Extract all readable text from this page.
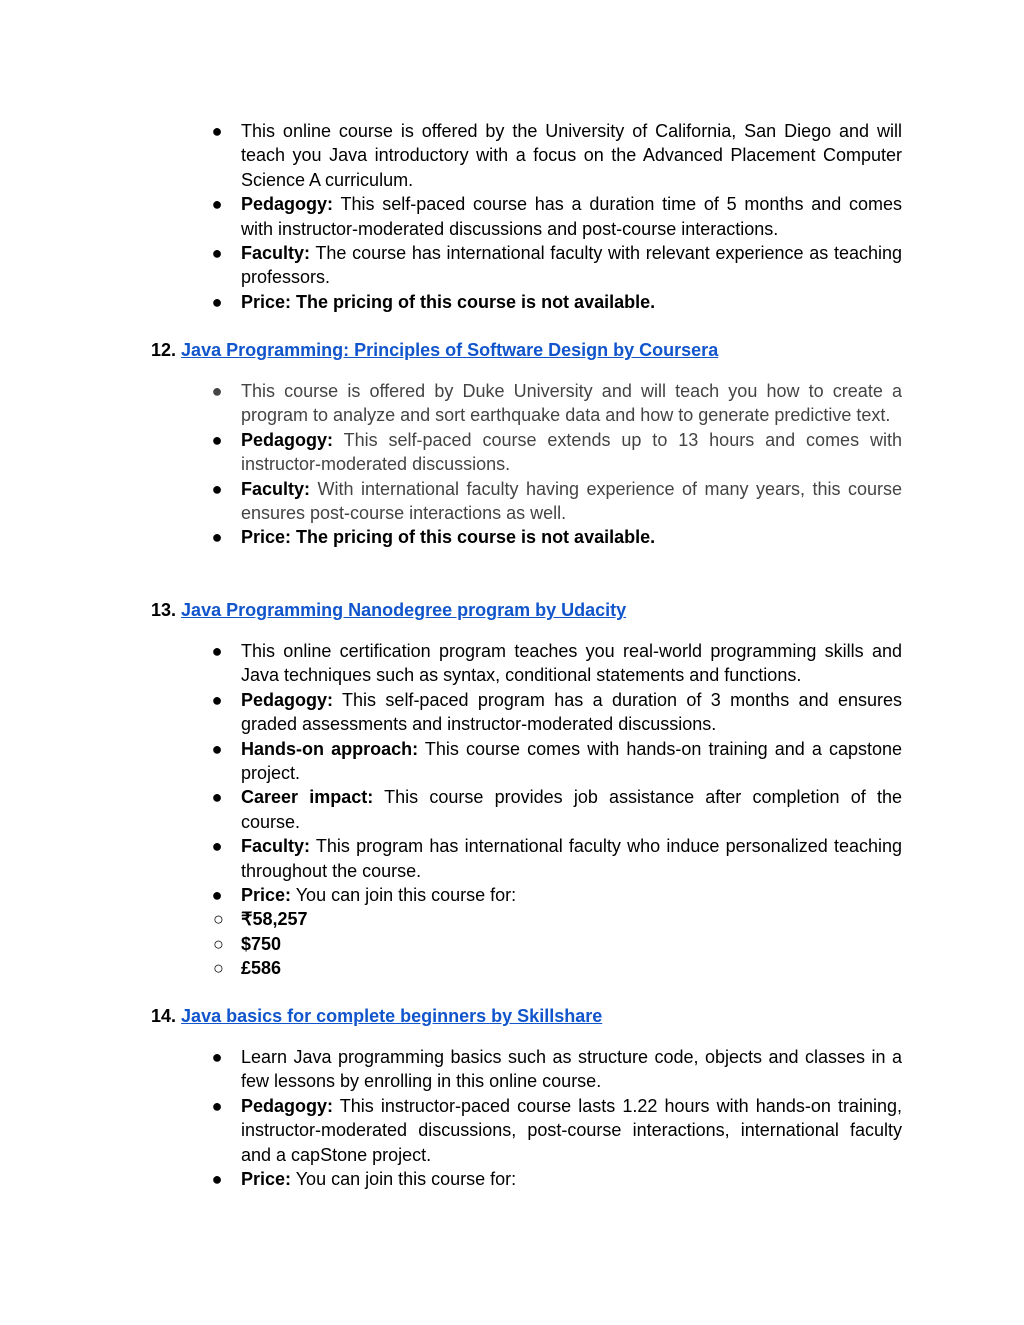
● This online course is offered by the University of California, San Diego and will teach you Java introductory with a focus on the Advanced Placement Computer Science A curriculum.
● Pedagogy: This self-paced course has a duration time of 5 months and comes with instructor-moderated discussions and post-course interactions.
● Faculty: The course has international faculty with relevant experience as teaching professors.
● Price: The pricing of this course is not available.
12. Java Programming: Principles of Software Design by Coursera
● This course is offered by Duke University and will teach you how to create a program to analyze and sort earthquake data and how to generate predictive text.
● Pedagogy: This self-paced course extends up to 13 hours and comes with instructor-moderated discussions.
● Faculty: With international faculty having experience of many years, this course ensures post-course interactions as well.
● Price: The pricing of this course is not available.
13. Java Programming Nanodegree program by Udacity
● This online certification program teaches you real-world programming skills and Java techniques such as syntax, conditional statements and functions.
● Pedagogy: This self-paced program has a duration of 3 months and ensures graded assessments and instructor-moderated discussions.
● Hands-on approach: This course comes with hands-on training and a capstone project.
● Career impact: This course provides job assistance after completion of the course.
● Faculty: This program has international faculty who induce personalized teaching throughout the course.
● Price: You can join this course for:
○ ₹58,257
○ $750
○ £586
14. Java basics for complete beginners by Skillshare
● Learn Java programming basics such as structure code, objects and classes in a few lessons by enrolling in this online course.
● Pedagogy: This instructor-paced course lasts 1.22 hours with hands-on training, instructor-moderated discussions, post-course interactions, international faculty and a capStone project.
● Price: You can join this course for:
